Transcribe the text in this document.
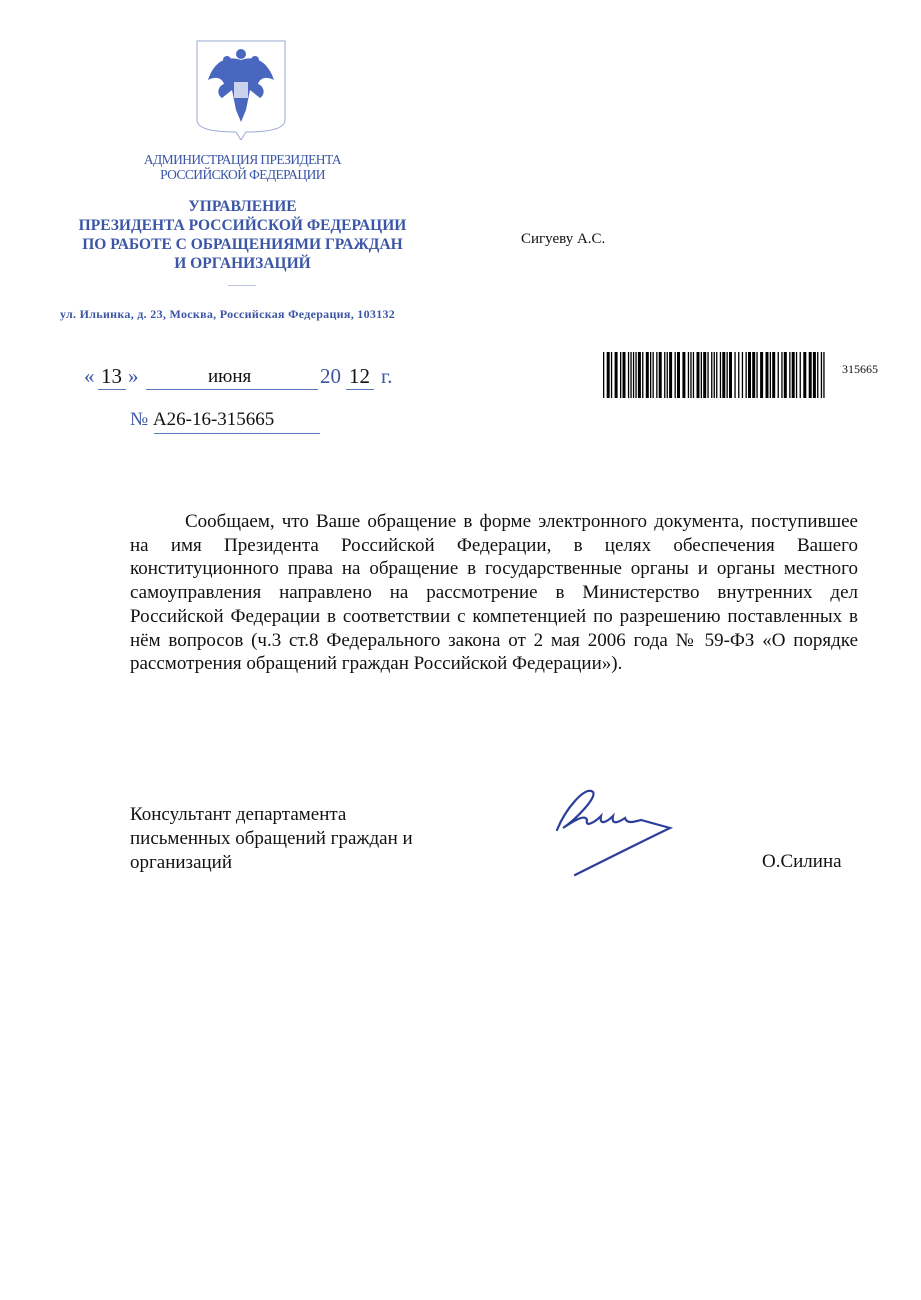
АДМИНИСТРАЦИЯ ПРЕЗИДЕНТА
РОССИЙСКОЙ ФЕДЕРАЦИИ
УПРАВЛЕНИЕ
ПРЕЗИДЕНТА РОССИЙСКОЙ ФЕДЕРАЦИИ
ПО РАБОТЕ С ОБРАЩЕНИЯМИ ГРАЖДАН
И ОРГАНИЗАЦИЙ
ул. Ильинка, д. 23, Москва, Российская Федерация, 103132
Сигуеву А.С.
« 13 »	июня	20 12 г.
№ А26-16-315665
315665

Сообщаем, что Ваше обращение в форме электронного документа, поступившее на имя Президента Российской Федерации, в целях обеспечения Вашего конституционного права на обращение в государственные органы и органы местного самоуправления направлено на рассмотрение в Министерство внутренних дел Российской Федерации в соответствии с компетенцией по разрешению поставленных в нём вопросов (ч.3 ст.8 Федерального закона от 2 мая 2006 года № 59-ФЗ «О порядке рассмотрения обращений граждан Российской Федерации»).

Консультант департамента
письменных обращений граждан и
организаций	О.Силина
